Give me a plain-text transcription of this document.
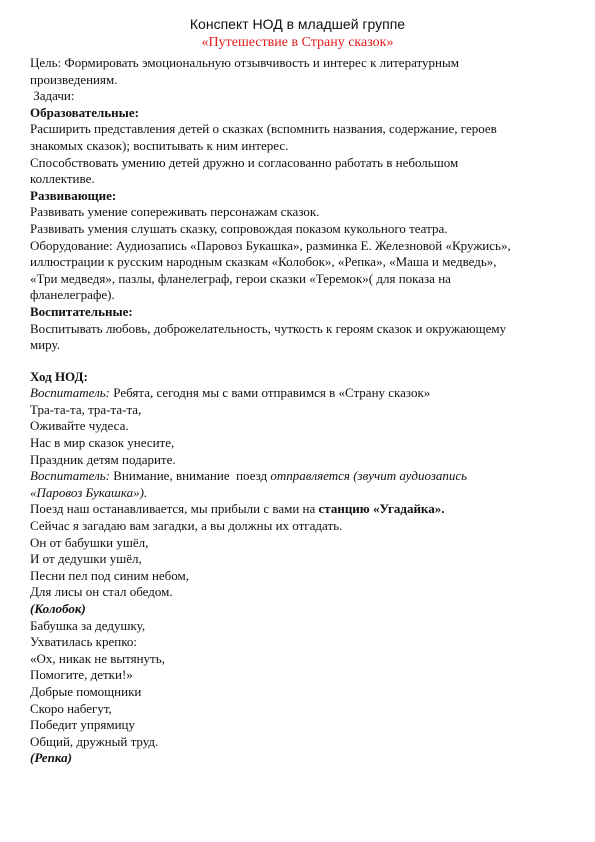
Конспект НОД в младшей группе
«Путешествие в Страну сказок»

Цель: Формировать эмоциональную отзывчивость и интерес к литературным

произведениям.

Задачи:

Образовательные:

Расширить представления детей о сказках (вспомнить названия, содержание, героев

знакомых сказок); воспитывать к ним интерес.

Способствовать умению детей дружно и согласованно работать в небольшом

коллективе.

Развивающие:

Развивать умение сопереживать персонажам сказок.

Развивать умения слушать сказку, сопровождая показом кукольного театра.

Оборудование: Аудиозапись «Паровоз Букашка», разминка Е. Железновой «Кружись»,

иллюстрации к русским народным сказкам «Колобок», «Репка», «Маша и медведь»,

«Три медведя», пазлы, фланелеграф, герои сказки «Теремок»( для показа на

фланелеграфе).

Воспитательные:

Воспитывать любовь, доброжелательность, чуткость к героям сказок и окружающему

миру.

Ход НОД:

Воспитатель: Ребята, сегодня мы с вами отправимся в «Страну сказок»

Тра-та-та, тра-та-та,

Оживайте чудеса.

Нас в мир сказок унесите,

Праздник детям подарите.

Воспитатель: Внимание, внимание  поезд отправляется (звучит аудиозапись

«Паровоз Букашка»).

Поезд наш останавливается, мы прибыли с вами на станцию «Угадайка».

Сейчас я загадаю вам загадки, а вы должны их отгадать.

Он от бабушки ушёл,

И от дедушки ушёл,

Песни пел под синим небом,

Для лисы он стал обедом.

(Колобок)

Бабушка за дедушку,

Ухватилась крепко:

«Ох, никак не вытянуть,

Помогите, детки!»

Добрые помощники

Скоро набегут,

Победит упрямицу

Общий, дружный труд.

(Репка)
